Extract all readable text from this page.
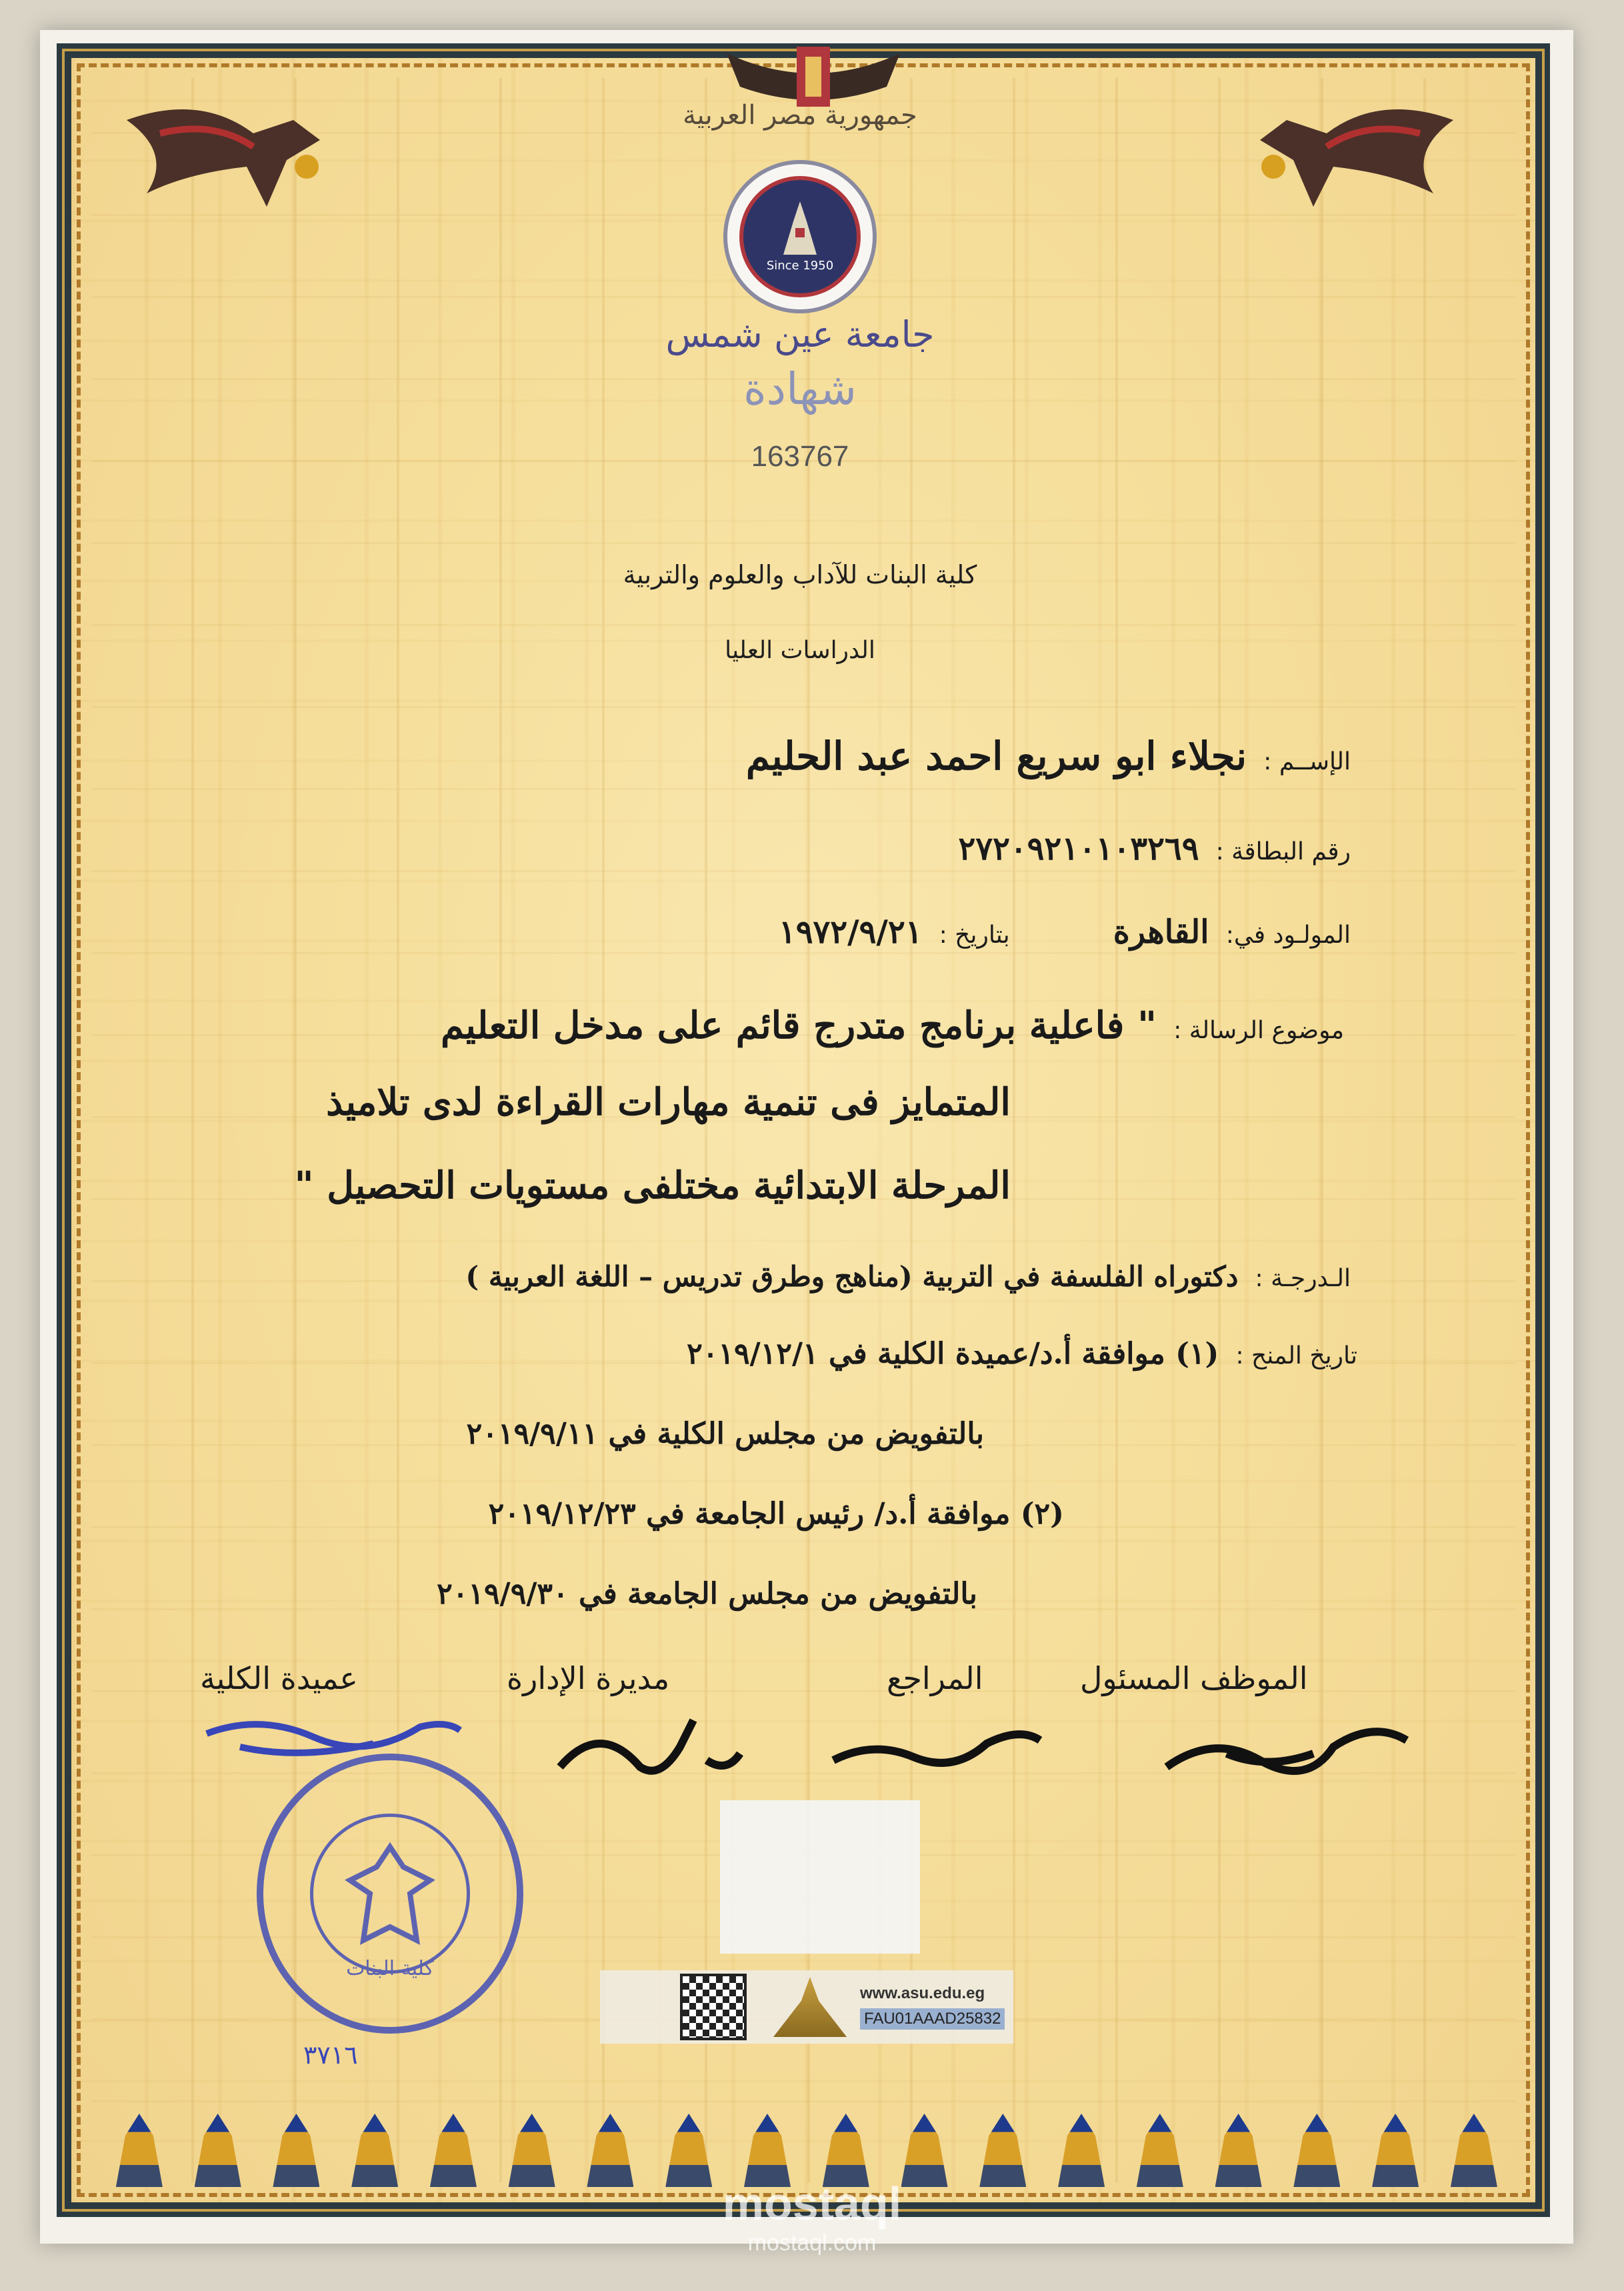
جمهورية مصر العربية
Since 1950
جامعة عين شمس
شهادة
163767
كلية البنات للآداب والعلوم والتربية
الدراسات العليا
الإســم : نجلاء ابو سريع احمد عبد الحليم
رقم البطاقة : ٢٧٢٠٩٢١٠١٠٣٢٦٩
المولـود في: القاهرة بتاريخ : ١٩٧٢/٩/٢١
موضوع الرسالة : " فاعلية برنامج متدرج قائم على مدخل التعليم
المتمايز فى تنمية مهارات القراءة لدى تلاميذ
المرحلة الابتدائية مختلفى مستويات التحصيل "
الـدرجـة : دكتوراه الفلسفة في التربية (مناهج وطرق تدريس – اللغة العربية )
تاريخ المنح : (١) موافقة أ.د/عميدة الكلية في ٢٠١٩/١٢/١
بالتفويض من مجلس الكلية في ٢٠١٩/٩/١١
(٢) موافقة أ.د/ رئيس الجامعة في ٢٠١٩/١٢/٢٣
بالتفويض من مجلس الجامعة في ٢٠١٩/٩/٣٠
الموظف المسئول
المراجع
مديرة الإدارة
عميدة الكلية
كلية البنات
٣٧١٦
www.asu.edu.eg
FAU01AAAD25832
mostaql
mostaql.com
